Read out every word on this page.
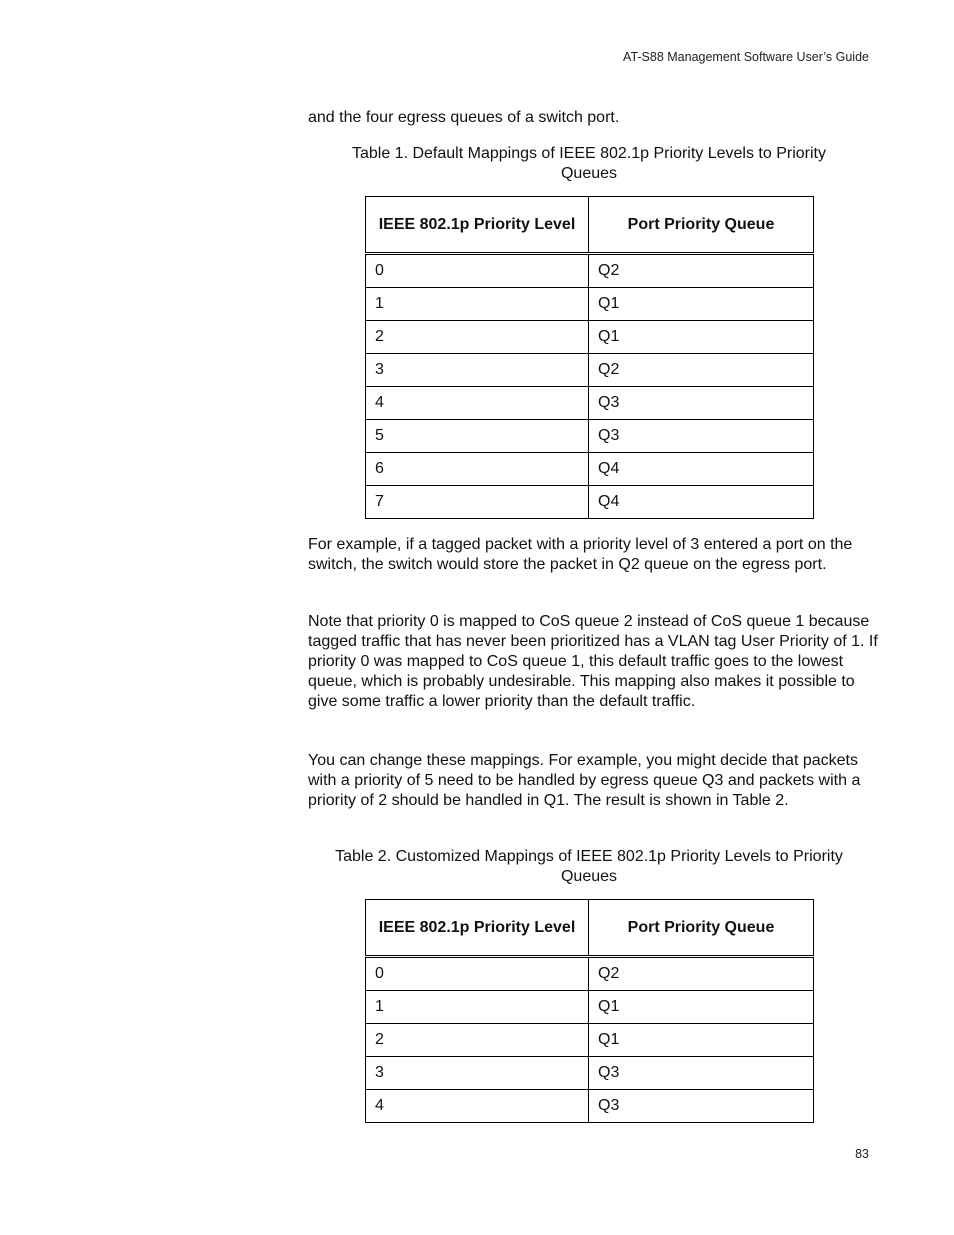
AT-S88 Management Software User’s Guide

and the four egress queues of a switch port.

Table 1. Default Mappings of IEEE 802.1p Priority Levels to Priority
Queues
IEEE 802.1p Priority Level	Port Priority Queue
0	Q2
1	Q1
2	Q1
3	Q2
4	Q3
5	Q3
6	Q4
7	Q4

For example, if a tagged packet with a priority level of 3 entered a port on the switch, the switch would store the packet in Q2 queue on the egress port.

Note that priority 0 is mapped to CoS queue 2 instead of CoS queue 1 because tagged traffic that has never been prioritized has a VLAN tag User Priority of 1. If priority 0 was mapped to CoS queue 1, this default traffic goes to the lowest queue, which is probably undesirable. This mapping also makes it possible to give some traffic a lower priority than the default traffic.

You can change these mappings. For example, you might decide that packets with a priority of 5 need to be handled by egress queue Q3 and packets with a priority of 2 should be handled in Q1. The result is shown in Table 2.

Table 2. Customized Mappings of IEEE 802.1p Priority Levels to Priority
Queues
IEEE 802.1p Priority Level	Port Priority Queue
0	Q2
1	Q1
2	Q1
3	Q3
4	Q3
83
